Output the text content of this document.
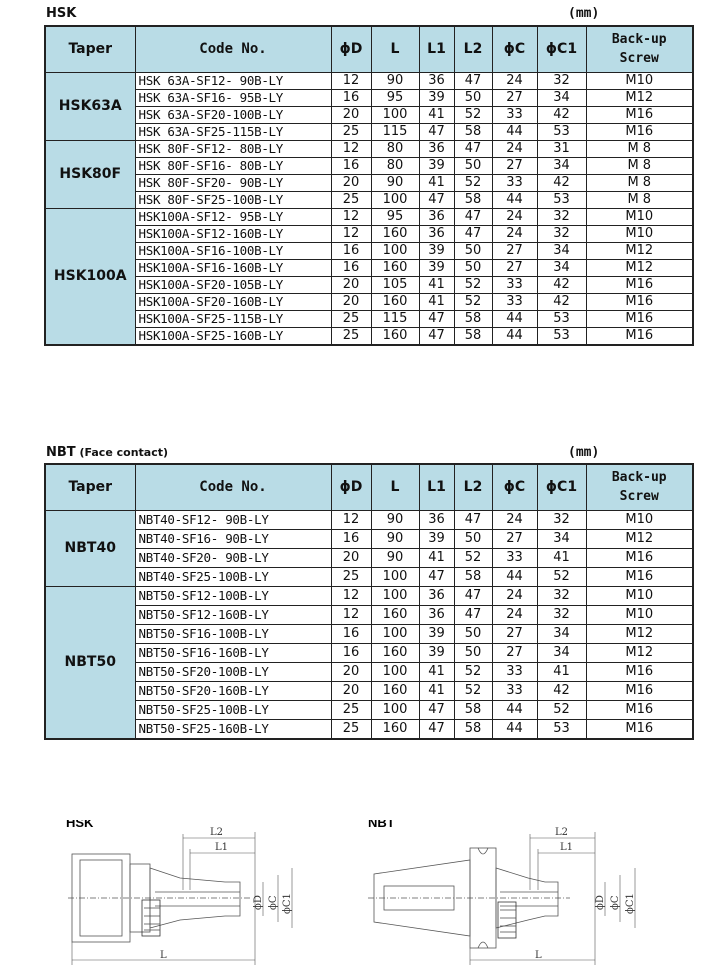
HSK	(mm)
Taper	Code No.	ϕD	L	L1	L2	ϕC	ϕC1	Back-up
Screw
HSK63A	HSK 63A-SF12- 90B-LY	12	90	36	47	24	32	M10
	HSK 63A-SF16- 95B-LY	16	95	39	50	27	34	M12
	HSK 63A-SF20-100B-LY	20	100	41	52	33	42	M16
	HSK 63A-SF25-115B-LY	25	115	47	58	44	53	M16
HSK80F	HSK 80F-SF12- 80B-LY	12	80	36	47	24	31	M 8
	HSK 80F-SF16- 80B-LY	16	80	39	50	27	34	M 8
	HSK 80F-SF20- 90B-LY	20	90	41	52	33	42	M 8
	HSK 80F-SF25-100B-LY	25	100	47	58	44	53	M 8
HSK100A	HSK100A-SF12- 95B-LY	12	95	36	47	24	32	M10
	HSK100A-SF12-160B-LY	12	160	36	47	24	32	M10
	HSK100A-SF16-100B-LY	16	100	39	50	27	34	M12
	HSK100A-SF16-160B-LY	16	160	39	50	27	34	M12
	HSK100A-SF20-105B-LY	20	105	41	52	33	42	M16
	HSK100A-SF20-160B-LY	20	160	41	52	33	42	M16
	HSK100A-SF25-115B-LY	25	115	47	58	44	53	M16
	HSK100A-SF25-160B-LY	25	160	47	58	44	53	M16
NBT (Face contact)	(mm)
Taper	Code No.	ϕD	L	L1	L2	ϕC	ϕC1	Back-up
Screw
NBT40	NBT40-SF12- 90B-LY	12	90	36	47	24	32	M10
	NBT40-SF16- 90B-LY	16	90	39	50	27	34	M12
	NBT40-SF20- 90B-LY	20	90	41	52	33	41	M16
	NBT40-SF25-100B-LY	25	100	47	58	44	52	M16
NBT50	NBT50-SF12-100B-LY	12	100	36	47	24	32	M10
	NBT50-SF12-160B-LY	12	160	36	47	24	32	M10
	NBT50-SF16-100B-LY	16	100	39	50	27	34	M12
	NBT50-SF16-160B-LY	16	160	39	50	27	34	M12
	NBT50-SF20-100B-LY	20	100	41	52	33	41	M16
	NBT50-SF20-160B-LY	20	160	41	52	33	42	M16
	NBT50-SF25-100B-LY	25	100	47	58	44	52	M16
	NBT50-SF25-160B-LY	25	160	47	58	44	53	M16
HSK
L2
L1
L
ϕD ϕC ϕC1
NBT
L2
L1
L
ϕD ϕC ϕC1
